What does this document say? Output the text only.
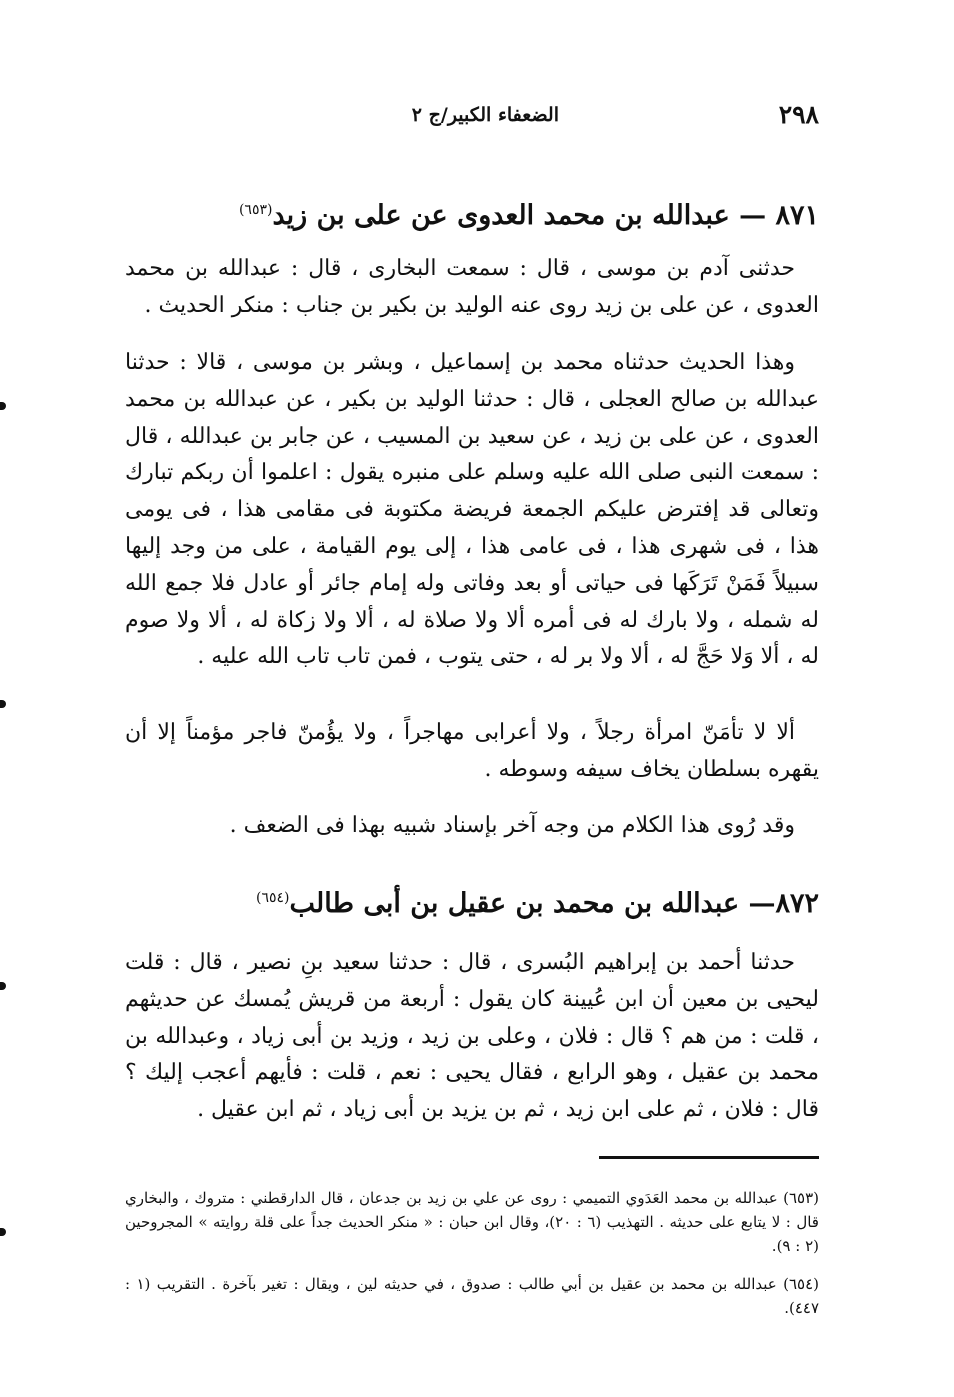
٢٩٨
الضعفاء الكبير/ج ٢
٨٧١ — عبدالله بن محمد العدوى عن على بن زيد$^{(٦٥٣)}$

حدثنى آدم بن موسى ، قال : سمعت البخارى ، قال : عبدالله بن محمد العدوى ، عن على بن زيد روى عنه الوليد بن بكير بن جناب : منكر الحديث .

وهذا الحديث حدثناه محمد بن إسماعيل ، وبشر بن موسى ، قالا : حدثنا عبدالله بن صالح العجلى ، قال : حدثنا الوليد بن بكير ، عن عبدالله بن محمد العدوى ، عن على بن زيد ، عن سعيد بن المسيب ، عن جابر بن عبدالله ، قال : سمعت النبى صلى الله عليه وسلم على منبره يقول : اعلموا أن ربكم تبارك وتعالى قد إفترض عليكم الجمعة فريضة مكتوبة فى مقامى هذا ، فى يومى هذا ، فى شهرى هذا ، فى عامى هذا ، إلى يوم القيامة ، على من وجد إليها سبيلاً فَمَنْ تَرَكَها فى حياتى أو بعد وفاتى وله إمام جائر أو عادل فلا جمع الله له شمله ، ولا بارك له فى أمره ألا ولا صلاة له ، ألا ولا زكاة له ، ألا ولا صوم له ، ألا وَلا حَجَّ له ، ألا ولا بر له ، حتى يتوب ، فمن تاب تاب الله عليه .

ألا لا تأمَنّ امرأة رجلاً ، ولا أعرابى مهاجراً ، ولا يؤُمنّ فاجر مؤمناً إلا أن يقهره بسلطان يخاف سيفه وسوطه .

وقد رُوى هذا الكلام من وجه آخر بإسناد شبيه بهذا فى الضعف .

٨٧٢— عبدالله بن محمد بن عقيل بن أبى طالب$^{(٦٥٤)}$

حدثنا أحمد بن إبراهيم البُسرى ، قال : حدثنا سعيد بنِ نصير ، قال : قلت ليحيى بن معين أن ابن عُيينة كان يقول : أربعة من قريش يُمسك عن حديثهم ، قلت : من هم ؟ قال : فلان ، وعلى بن زيد ، وزيد بن أبى زياد ، وعبدالله بن محمد بن عقيل ، وهو الرابع ، فقال يحيى : نعم ، قلت : فأيهم أعجب إليك ؟ قال : فلان ، ثم على ابن زيد ، ثم بن يزيد بن أبى زياد ، ثم ابن عقيل .

(٦٥٣) عبدالله بن محمد العَدَوي التميمي : روى عن علي بن زيد بن جدعان ، قال الدارقطني : متروك ، والبخاري قال : لا يتابع على حديثه . التهذيب (٦ : ٢٠)، وقال ابن حبان : « منكر الحديث جداً على قلة روايته » المجروحين (٢ : ٩).

(٦٥٤) عبدالله بن محمد بن عقيل بن أبي طالب : صدوق ، في حديثه لين ، ويقال : تغير بآخرة . التقريب (١ : ٤٤٧).
